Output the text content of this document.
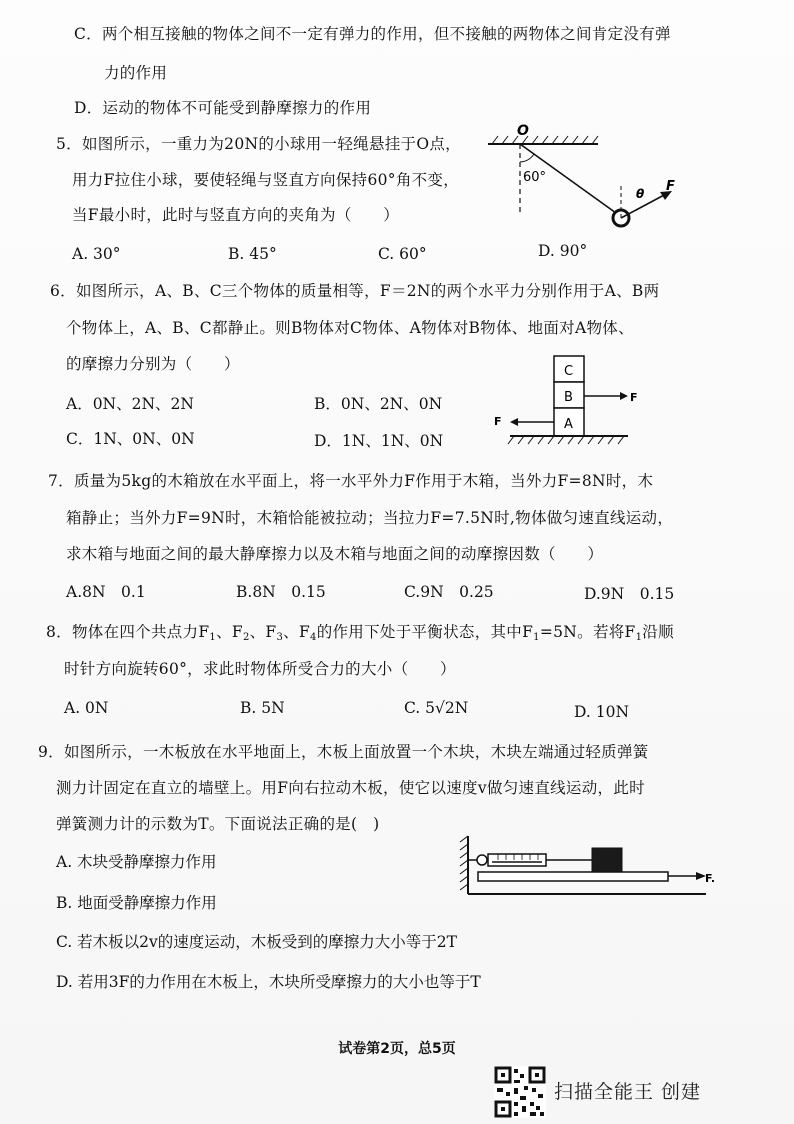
C．两个相互接触的物体之间不一定有弹力的作用，但不接触的两物体之间肯定没有弹
力的作用
D．运动的物体不可能受到静摩擦力的作用
5．如图所示，一重力为20N的小球用一轻绳悬挂于O点，
用力F拉住小球，要使轻绳与竖直方向保持60°角不变，
当F最小时，此时与竖直方向的夹角为（　　）
A. 30°	B. 45°	C. 60°	D. 90°
O
60°
θ F
6．如图所示，A、B、C三个物体的质量相等，F＝2N的两个水平力分别作用于A、B两
个物体上，A、B、C都静止。则B物体对C物体、A物体对B物体、地面对A物体、
的摩擦力分别为（　　）
A．0N、2N、2N	B．0N、2N、0N
C．1N、0N、0N	D．1N、1N、0N
C
B
A
F
F
7．质量为5kg的木箱放在水平面上，将一水平外力F作用于木箱，当外力F=8N时，木
箱静止；当外力F=9N时，木箱恰能被拉动；当拉力F=7.5N时,物体做匀速直线运动，
求木箱与地面之间的最大静摩擦力以及木箱与地面之间的动摩擦因数（　　）
A.8N　0.1	B.8N　0.15	C.9N　0.25	D.9N　0.15
8．物体在四个共点力$F_1$、$F_2$、$F_3$、$F_4$的作用下处于平衡状态，其中$F_1=5N$。若将$F_1$沿顺
时针方向旋转60°，求此时物体所受合力的大小（　　）
A. 0N	B. 5N	C. 5√2N	D. 10N
9．如图所示，一木板放在水平地面上，木板上面放置一个木块，木块左端通过轻质弹簧
测力计固定在直立的墙壁上。用F向右拉动木板，使它以速度v做匀速直线运动，此时
弹簧测力计的示数为T。下面说法正确的是(　)
A. 木块受静摩擦力作用
B. 地面受静摩擦力作用
C. 若木板以2v的速度运动，木板受到的摩擦力大小等于2T
D. 若用3F的力作用在木板上，木块所受摩擦力的大小也等于T
F.
试卷第2页，总5页
扫描全能王 创建
